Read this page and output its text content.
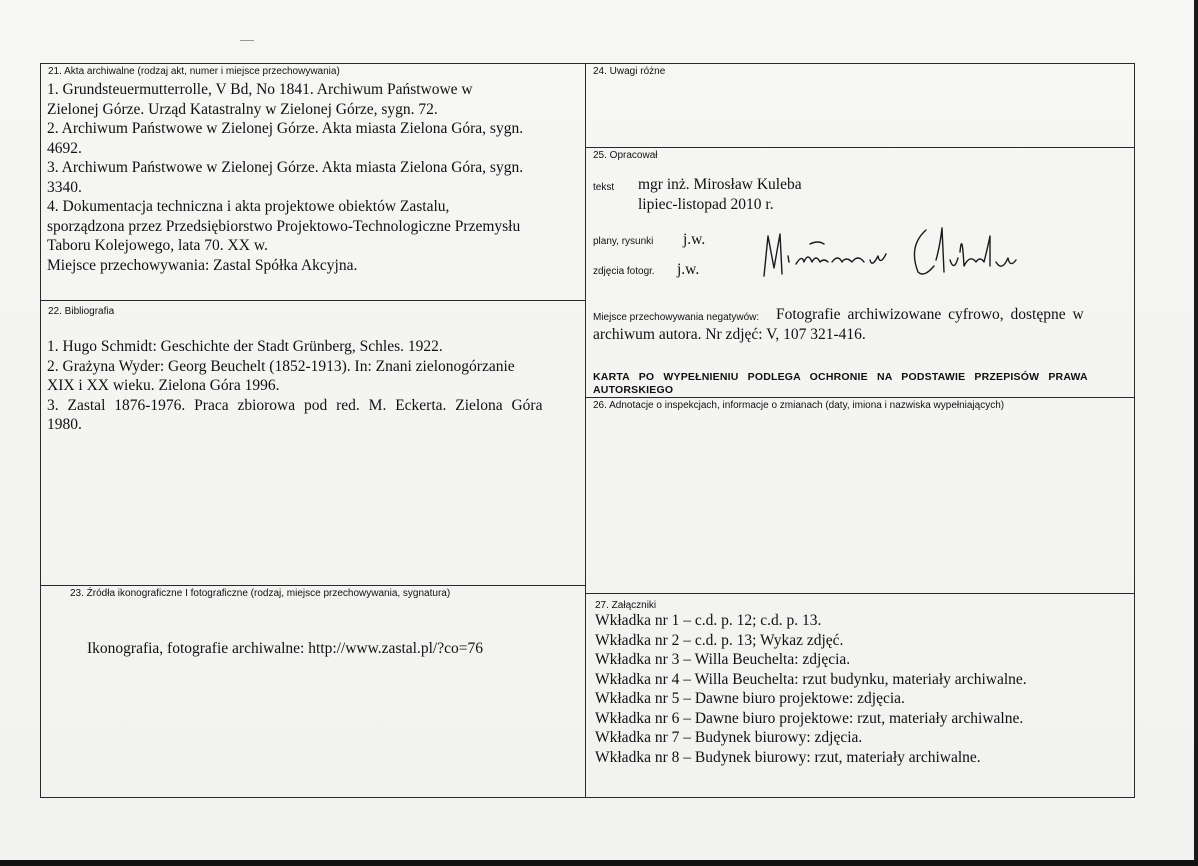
21. Akta archiwalne (rodzaj akt, numer i miejsce przechowywania)
1. Grundsteuermutterrolle, V Bd, No 1841. Archiwum Państwowe w
Zielonej Górze. Urząd Katastralny w Zielonej Górze, sygn. 72.
2. Archiwum Państwowe w Zielonej Górze. Akta miasta Zielona Góra, sygn.
4692.
3. Archiwum Państwowe w Zielonej Górze. Akta miasta Zielona Góra, sygn.
3340.
4. Dokumentacja techniczna i akta projektowe obiektów Zastalu,
sporządzona przez Przedsiębiorstwo Projektowo-Technologiczne Przemysłu
Taboru Kolejowego, lata 70. XX w.
Miejsce przechowywania: Zastal Spółka Akcyjna.
22. Bibliografia
1. Hugo Schmidt: Geschichte der Stadt Grünberg, Schles. 1922.
2. Grażyna Wyder: Georg Beuchelt (1852-1913). In: Znani zielonogórzanie
XIX i XX wieku. Zielona Góra 1996.
3. Zastal 1876-1976. Praca zbiorowa pod red. M. Eckerta. Zielona Góra
1980.
23. Źródła ikonograficzne I fotograficzne (rodzaj, miejsce przechowywania, sygnatura)
Ikonografia, fotografie archiwalne: http://www.zastal.pl/?co=76
24. Uwagi różne
25. Opracował
tekst mgr inż. Mirosław Kuleba
lipiec-listopad 2010 r.
plany, rysunki j.w.
zdjęcia fotogr. j.w.
Miejsce przechowywania negatywów: Fotografie archiwizowane cyfrowo, dostępne w
archiwum autora. Nr zdjęć: V, 107 321-416.
KARTA PO WYPEŁNIENIU PODLEGA OCHRONIE NA PODSTAWIE PRZEPISÓW PRAWA
AUTORSKIEGO
26. Adnotacje o inspekcjach, informacje o zmianach (daty, imiona i nazwiska wypełniających)
27. Załączniki
Wkładka nr 1 – c.d. p. 12; c.d. p. 13.
Wkładka nr 2 – c.d. p. 13; Wykaz zdjęć.
Wkładka nr 3 – Willa Beuchelta: zdjęcia.
Wkładka nr 4 – Willa Beuchelta: rzut budynku, materiały archiwalne.
Wkładka nr 5 – Dawne biuro projektowe: zdjęcia.
Wkładka nr 6 – Dawne biuro projektowe: rzut, materiały archiwalne.
Wkładka nr 7 – Budynek biurowy: zdjęcia.
Wkładka nr 8 – Budynek biurowy: rzut, materiały archiwalne.
